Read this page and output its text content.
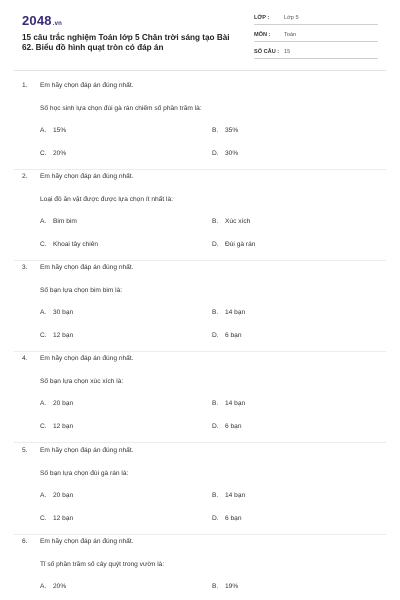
2048.vn
15 câu trắc nghiệm Toán lớp 5 Chân trời sáng tạo Bài 62. Biểu đồ hình quạt tròn có đáp án
LỚP :	Lớp 5
MÔN : Toán
SỐ CÂU : 15
1. Em hãy chọn đáp án đúng nhất.
Số học sinh lựa chọn đùi gà rán chiếm số phần trăm là:
A. 15%	B. 35%
C. 20%	D. 30%
2. Em hãy chọn đáp án đúng nhất.
Loại đồ ăn vặt được được lựa chọn ít nhất là:
A. Bim bim	B. Xúc xích
C. Khoai tây chiên	D. Đùi gà rán
3. Em hãy chọn đáp án đúng nhất.
Số bạn lựa chọn bim bim là:
A. 30 bạn	B. 14 bạn
C. 12 bạn	D. 6 bạn
4. Em hãy chọn đáp án đúng nhất.
Số bạn lựa chọn xúc xích là:
A. 20 bạn	B. 14 bạn
C. 12 bạn	D. 6 bạn
5. Em hãy chọn đáp án đúng nhất.
Số bạn lựa chọn đùi gà rán là:
A. 20 bạn	B. 14 bạn
C. 12 bạn	D. 6 bạn
6. Em hãy chọn đáp án đúng nhất.
Tỉ số phần trăm số cây quýt trong vườn là:
A. 20%	B. 19%
